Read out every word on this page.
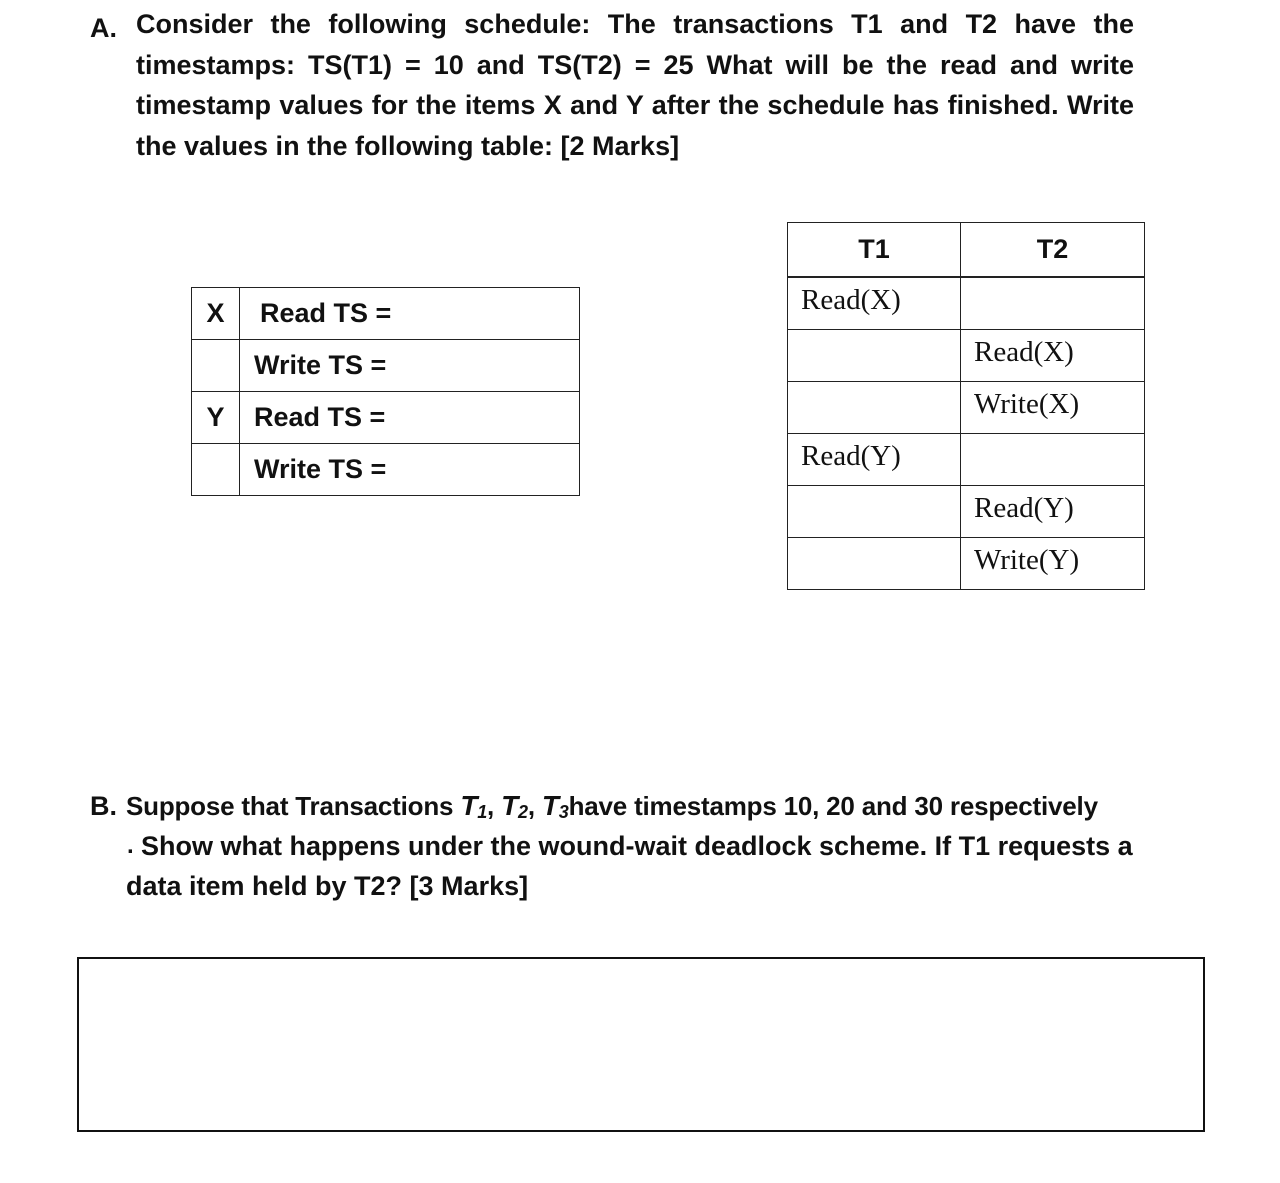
A. Consider the following schedule: The transactions T1 and T2 have the timestamps: TS(T1) = 10 and TS(T2) = 25 What will be the read and write timestamp values for the items X and Y after the schedule has finished. Write the values in the following table: [2 Marks]
X	Read TS =
	Write TS =
Y	Read TS =
	Write TS =
T1	T2
Read(X)	
	Read(X)
	Write(X)
Read(Y)	
	Read(Y)
	Write(Y)
B. Suppose that Transactions $T_1$, $T_2$, $T_3have$ timestamps 10, 20 and 30 respectively
. Show what happens under the wound-wait deadlock scheme. If T1 requests a
data item held by T2? [3 Marks]
